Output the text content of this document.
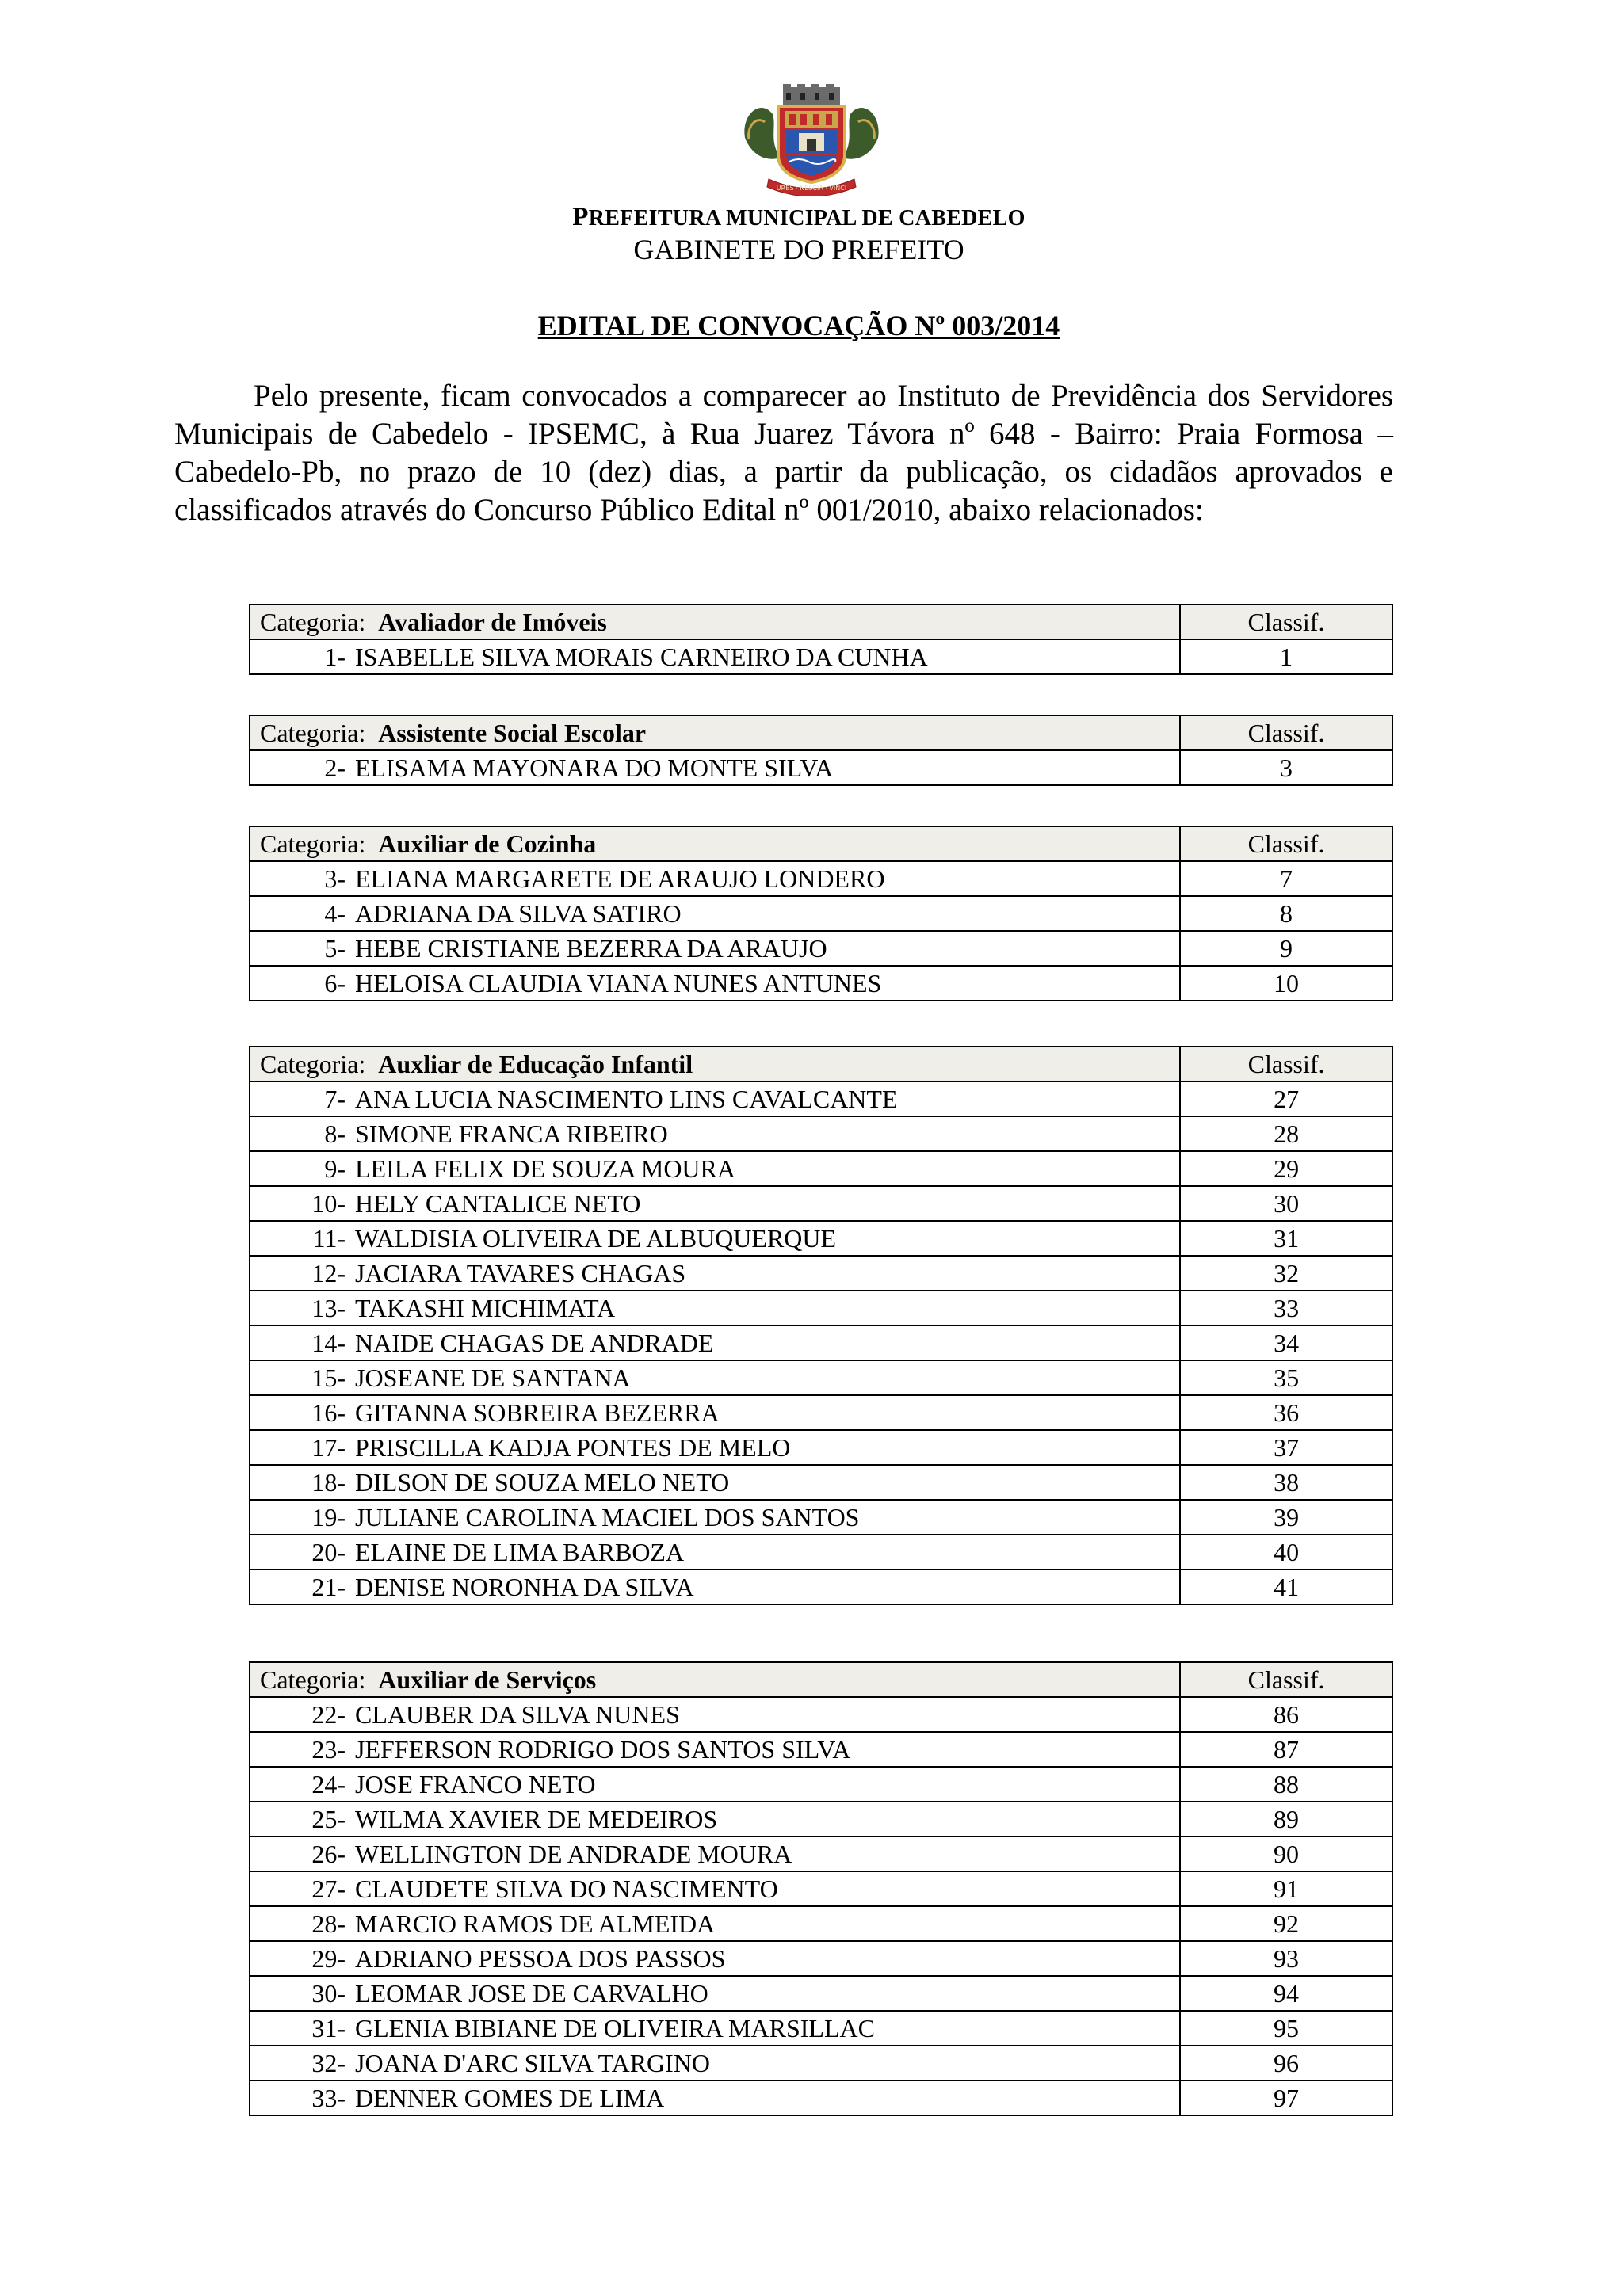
URBS · NESCIA · VINCI
PREFEITURA MUNICIPAL DE CABEDELO
GABINETE DO PREFEITO
EDITAL DE CONVOCAÇÃO Nº 003/2014
Pelo presente, ficam convocados a comparecer ao Instituto de Previdência dos Servidores Municipais de Cabedelo - IPSEMC, à Rua Juarez Távora nº 648 - Bairro: Praia Formosa – Cabedelo-Pb, no prazo de 10 (dez) dias, a partir da publicação, os cidadãos aprovados e classificados através do Concurso Público Edital nº 001/2010, abaixo relacionados:
Categoria:  Avaliador de Imóveis	Classif.
1- ISABELLE SILVA MORAIS CARNEIRO DA CUNHA	1
Categoria:  Assistente Social Escolar	Classif.
2- ELISAMA MAYONARA DO MONTE SILVA	3
Categoria:  Auxiliar de Cozinha	Classif.
3- ELIANA MARGARETE DE ARAUJO LONDERO	7
4- ADRIANA DA SILVA SATIRO	8
5- HEBE CRISTIANE BEZERRA DA ARAUJO	9
6- HELOISA CLAUDIA VIANA NUNES ANTUNES	10
Categoria:  Auxliar de Educação Infantil	Classif.
7- ANA LUCIA NASCIMENTO LINS CAVALCANTE	27
8- SIMONE FRANCA RIBEIRO	28
9- LEILA FELIX DE SOUZA MOURA	29
10- HELY CANTALICE NETO	30
11- WALDISIA OLIVEIRA DE ALBUQUERQUE	31
12- JACIARA TAVARES CHAGAS	32
13- TAKASHI MICHIMATA	33
14- NAIDE CHAGAS DE ANDRADE	34
15- JOSEANE DE SANTANA	35
16- GITANNA SOBREIRA BEZERRA	36
17- PRISCILLA KADJA PONTES DE MELO	37
18- DILSON DE SOUZA MELO NETO	38
19- JULIANE CAROLINA MACIEL DOS SANTOS	39
20- ELAINE DE LIMA BARBOZA	40
21- DENISE NORONHA DA SILVA	41
Categoria:  Auxiliar de Serviços	Classif.
22- CLAUBER DA SILVA NUNES	86
23- JEFFERSON RODRIGO DOS SANTOS SILVA	87
24- JOSE FRANCO NETO	88
25- WILMA XAVIER DE MEDEIROS	89
26- WELLINGTON DE ANDRADE MOURA	90
27- CLAUDETE SILVA DO NASCIMENTO	91
28- MARCIO RAMOS DE ALMEIDA	92
29- ADRIANO PESSOA DOS PASSOS	93
30- LEOMAR JOSE DE CARVALHO	94
31- GLENIA BIBIANE DE OLIVEIRA MARSILLAC	95
32- JOANA D'ARC SILVA TARGINO	96
33- DENNER GOMES DE LIMA	97
